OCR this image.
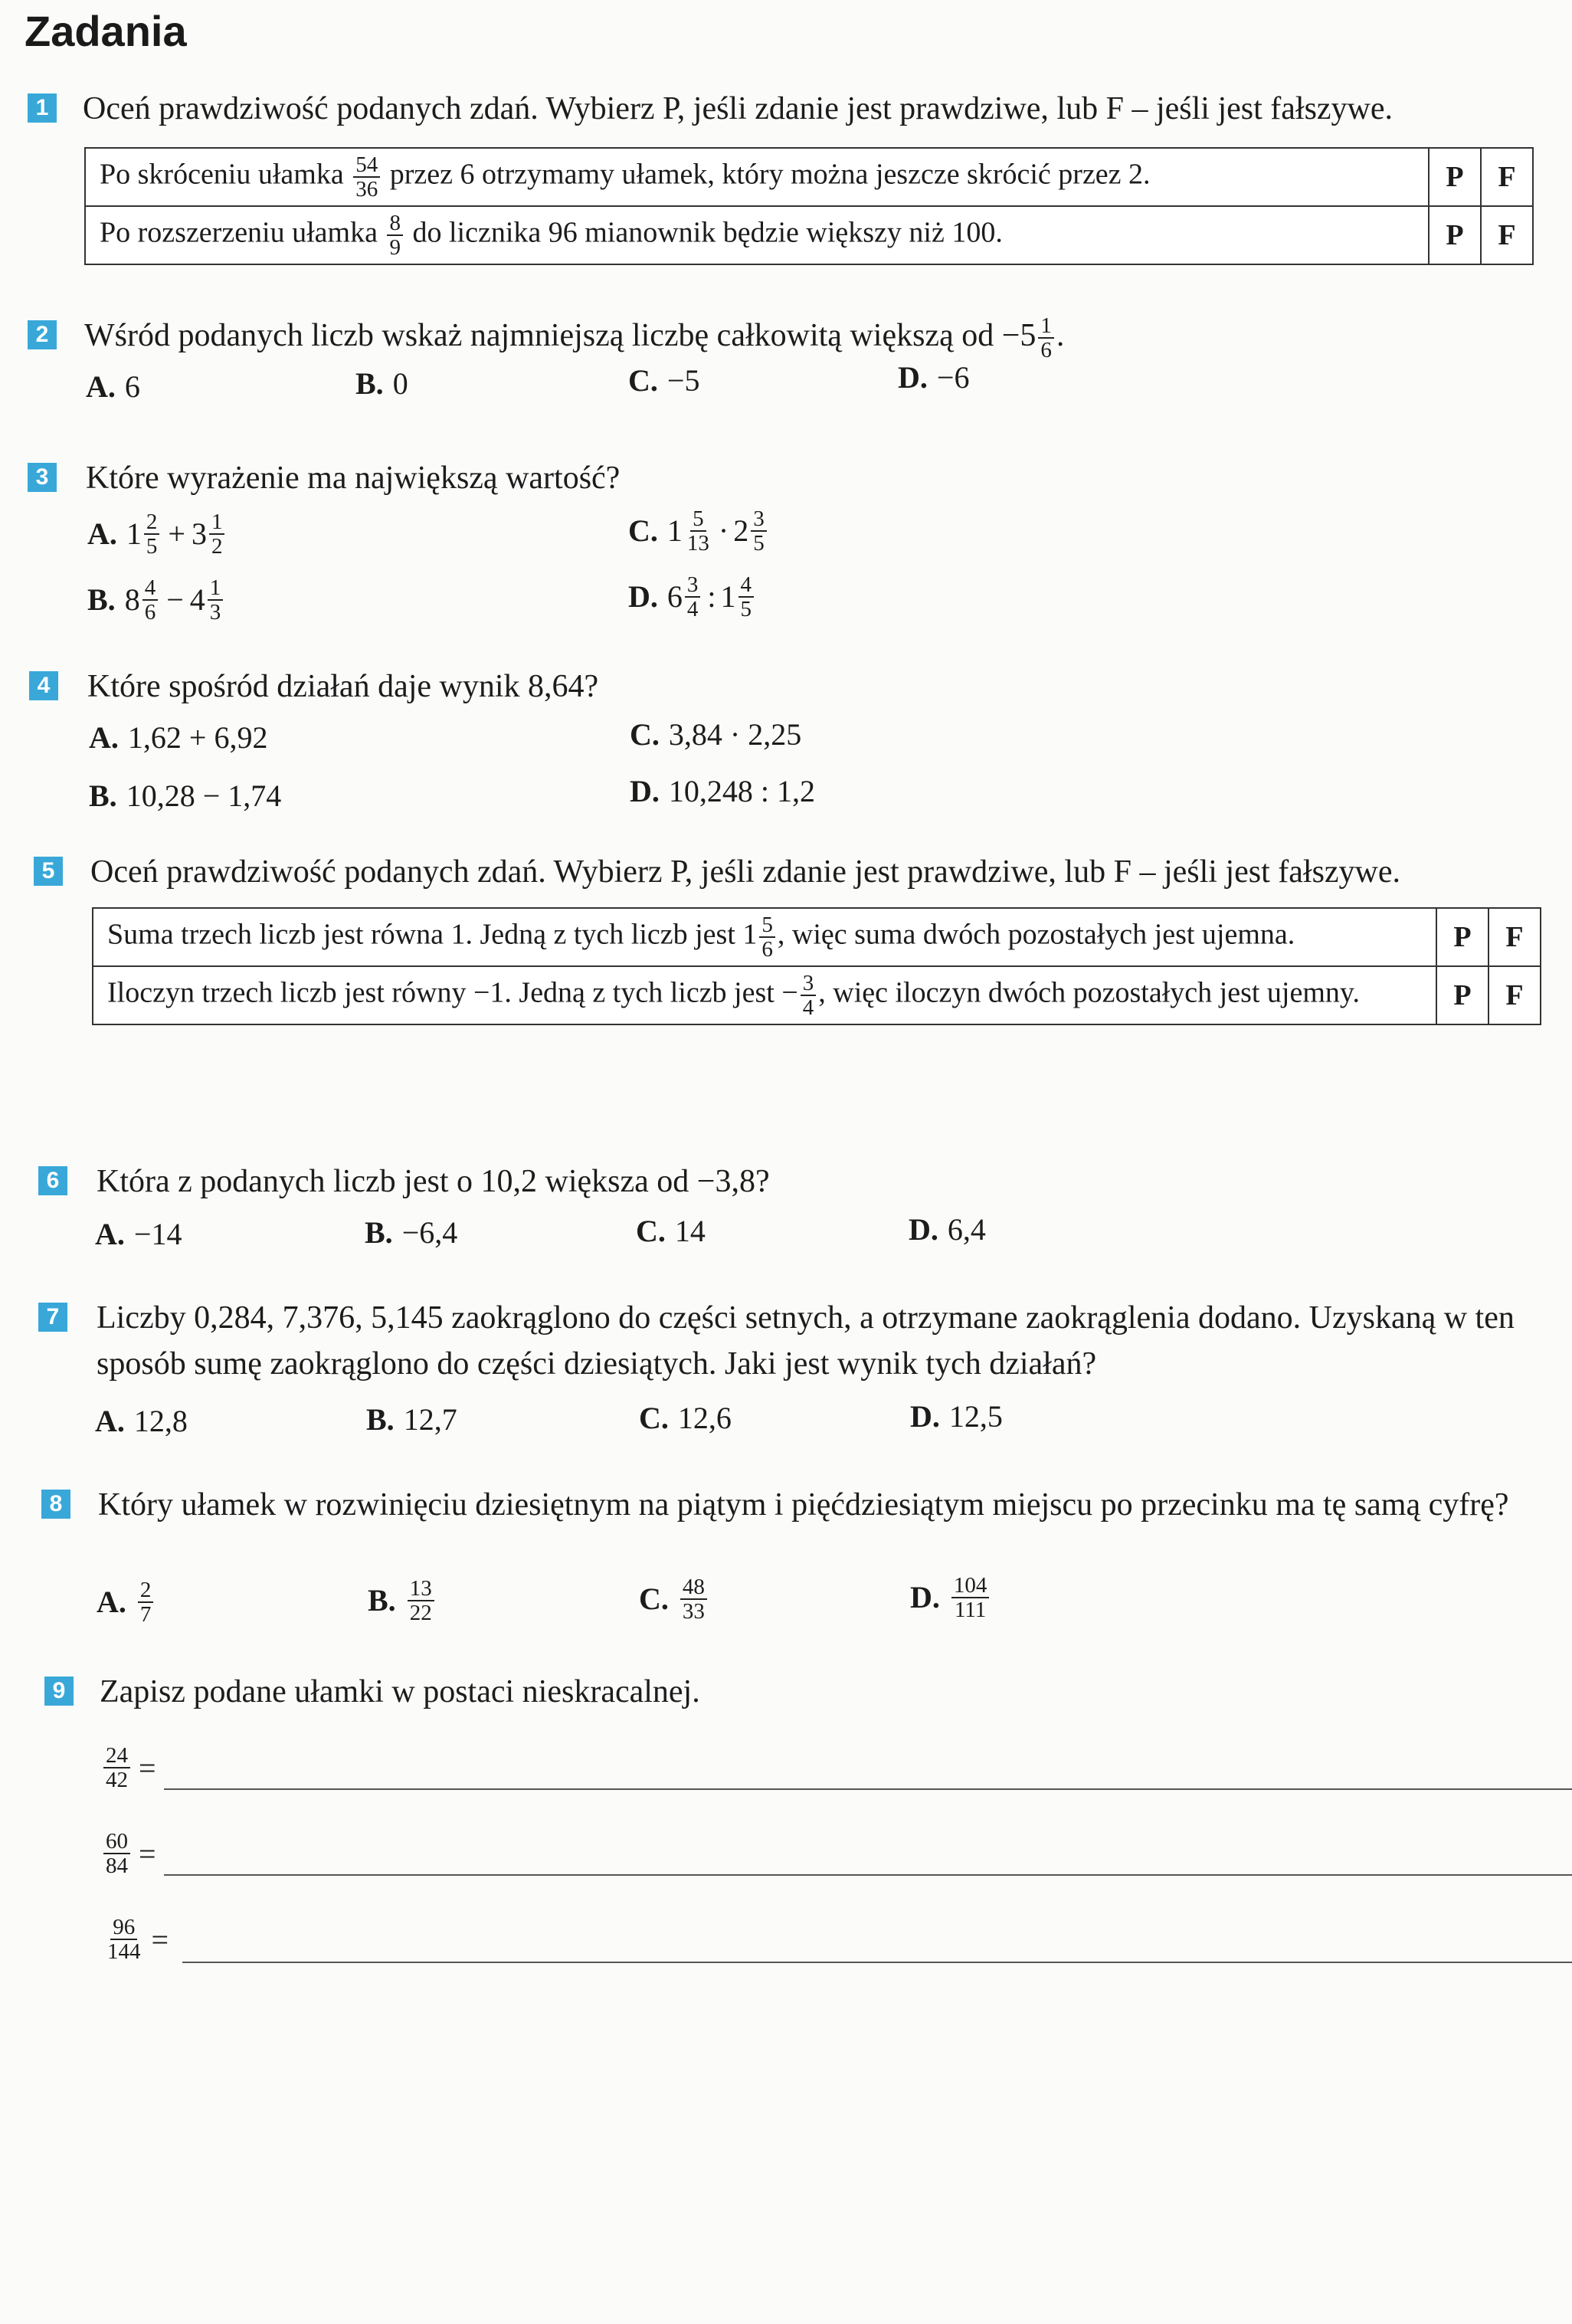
Zadania
1 Oceń prawdziwość podanych zdań. Wybierz P, jeśli zdanie jest prawdziwe, lub F – jeśli jest fałszywe.
Po skróceniu ułamka $\frac{54}{36}$ przez 6 otrzymamy ułamek, który można jeszcze skrócić przez 2.	P	F
Po rozszerzeniu ułamka $\frac{8}{9}$ do licznika 96 mianownik będzie większy niż 100.	P	F
2 Wśród podanych liczb wskaż najmniejszą liczbę całkowitą większą od $-5 \frac{1}{6}$ .
A. 6	B. 0	C. −5	D. −6
3 Które wyrażenie ma największą wartość?
A. $1 \frac{2}{5} + 3 \frac{1}{2}$
B. $8 \frac{4}{6} - 4 \frac{1}{3}$
C. $1 \frac{5}{13} \cdot 2 \frac{3}{5}$
D. $6 \frac{3}{4}$ : $1 \frac{4}{5}$
4 Które spośród działań daje wynik 8,64?
A. 1,62 + 6,92
B. 10,28 − 1,74
C. 3,84 · 2,25
D. 10,248 : 1,2
5 Oceń prawdziwość podanych zdań. Wybierz P, jeśli zdanie jest prawdziwe, lub F – jeśli jest fałszywe.
Suma trzech liczb jest równa 1. Jedną z tych liczb jest $1 \frac{5}{6}$ , więc suma dwóch pozostałych jest ujemna.	P	F
Iloczyn trzech liczb jest równy −1. Jedną z tych liczb jest − $\frac{3}{4}$ , więc iloczyn dwóch pozostałych jest ujemny.	P	F
6 Która z podanych liczb jest o 10,2 większa od −3,8?
A. −14	B. −6,4	C. 14	D. 6,4
7 Liczby 0,284, 7,376, 5,145 zaokrąglono do części setnych, a otrzymane zaokrąglenia dodano. Uzyskaną w ten sposób sumę zaokrąglono do części dziesiątych. Jaki jest wynik tych działań?
A. 12,8	B. 12,7	C. 12,6	D. 12,5
8 Który ułamek w rozwinięciu dziesiętnym na piątym i pięćdziesiątym miejscu po przecinku ma tę samą cyfrę?
A. $\frac{2}{7}$	B. $\frac{13}{22}$	C. $\frac{48}{33}$	D. $\frac{104}{111}$
9 Zapisz podane ułamki w postaci nieskracalnej.
$\frac{24}{42}$ =
$\frac{60}{84}$ =
$\frac{96}{144}$ =
